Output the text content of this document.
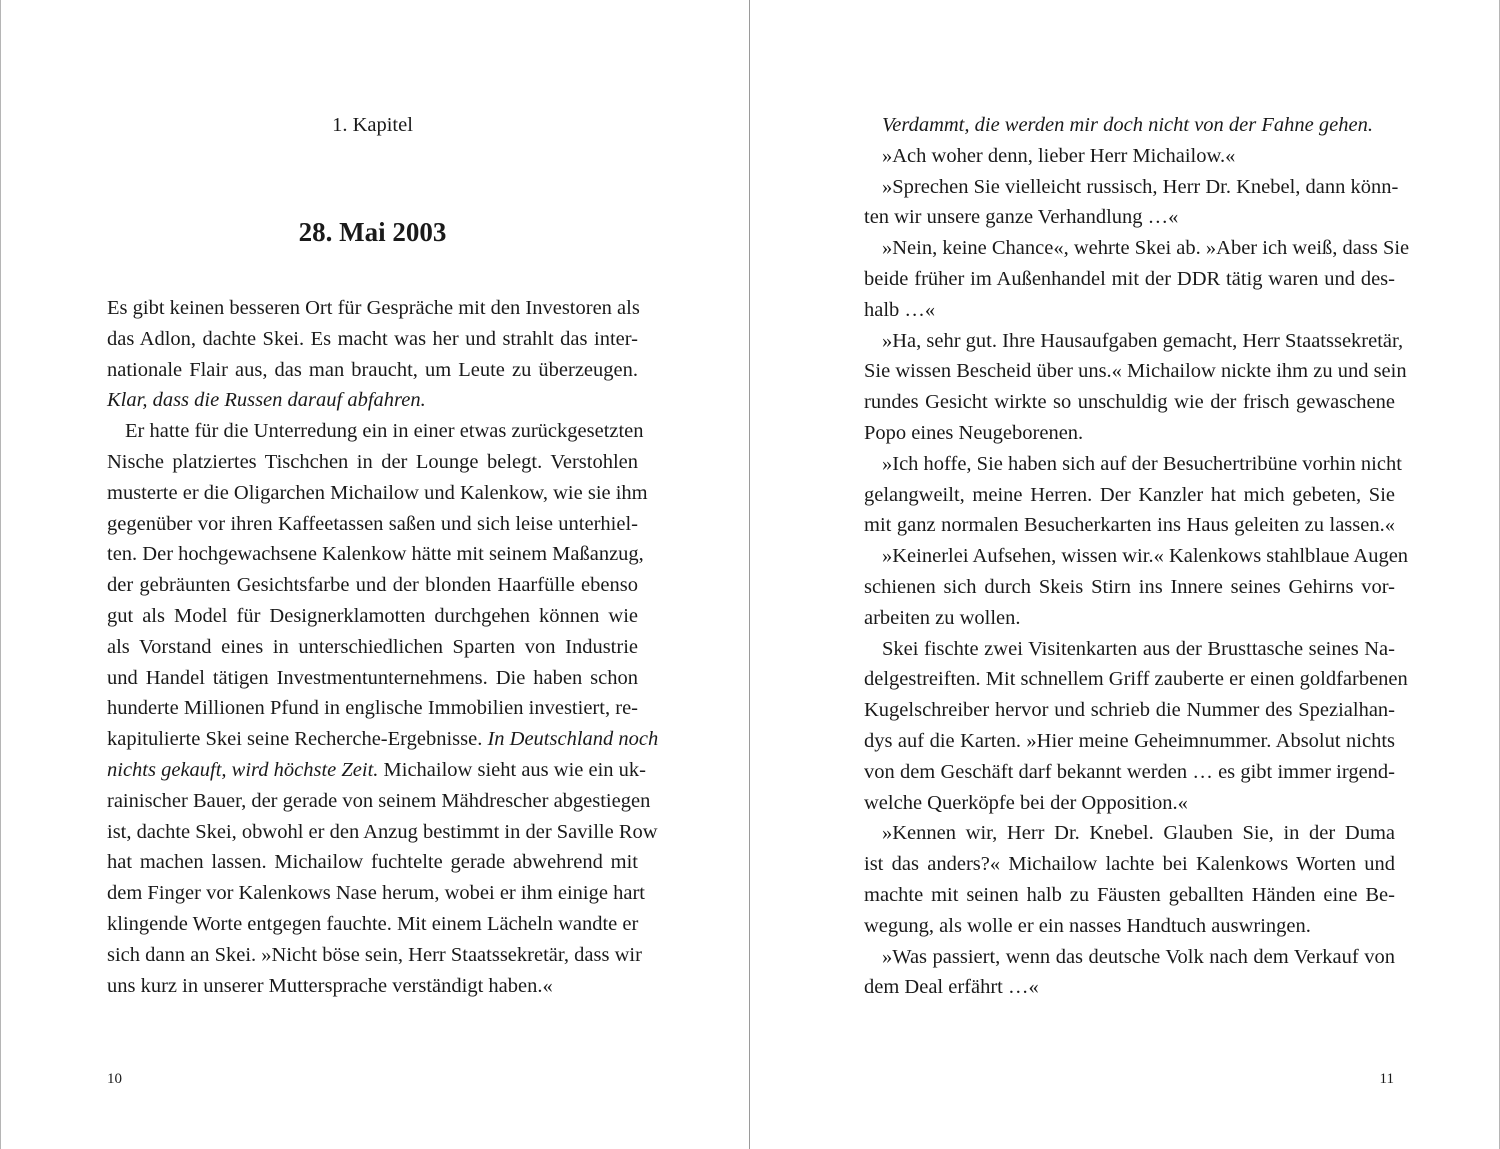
1. Kapitel
28. Mai 2003
Es gibt keinen besseren Ort für Gespräche mit den Investoren als
das Adlon, dachte Skei. Es macht was her und strahlt das inter-
nationale Flair aus, das man braucht, um Leute zu überzeugen.
Klar, dass die Russen darauf abfahren.
Er hatte für die Unterredung ein in einer etwas zurückgesetzten
Nische platziertes Tischchen in der Lounge belegt. Verstohlen
musterte er die Oligarchen Michailow und Kalenkow, wie sie ihm
gegenüber vor ihren Kaffeetassen saßen und sich leise unterhiel-
ten. Der hochgewachsene Kalenkow hätte mit seinem Maßanzug,
der gebräunten Gesichtsfarbe und der blonden Haarfülle ebenso
gut als Model für Designerklamotten durchgehen können wie
als Vorstand eines in unterschiedlichen Sparten von Industrie
und Handel tätigen Investmentunternehmens. Die haben schon
hunderte Millionen Pfund in englische Immobilien investiert, re-
kapitulierte Skei seine Recherche-Ergebnisse. In Deutschland noch
nichts gekauft, wird höchste Zeit. Michailow sieht aus wie ein uk-
rainischer Bauer, der gerade von seinem Mähdrescher abgestiegen
ist, dachte Skei, obwohl er den Anzug bestimmt in der Saville Row
hat machen lassen. Michailow fuchtelte gerade abwehrend mit
dem Finger vor Kalenkows Nase herum, wobei er ihm einige hart
klingende Worte entgegen fauchte. Mit einem Lächeln wandte er
sich dann an Skei. »Nicht böse sein, Herr Staatssekretär, dass wir
uns kurz in unserer Muttersprache verständigt haben.«
10
Verdammt, die werden mir doch nicht von der Fahne gehen.
»Ach woher denn, lieber Herr Michailow.«
»Sprechen Sie vielleicht russisch, Herr Dr. Knebel, dann könn-
ten wir unsere ganze Verhandlung …«
»Nein, keine Chance«, wehrte Skei ab. »Aber ich weiß, dass Sie
beide früher im Außenhandel mit der DDR tätig waren und des-
halb …«
»Ha, sehr gut. Ihre Hausaufgaben gemacht, Herr Staatssekretär,
Sie wissen Bescheid über uns.« Michailow nickte ihm zu und sein
rundes Gesicht wirkte so unschuldig wie der frisch gewaschene
Popo eines Neugeborenen.
»Ich hoffe, Sie haben sich auf der Besuchertribüne vorhin nicht
gelangweilt, meine Herren. Der Kanzler hat mich gebeten, Sie
mit ganz normalen Besucherkarten ins Haus geleiten zu lassen.«
»Keinerlei Aufsehen, wissen wir.« Kalenkows stahlblaue Augen
schienen sich durch Skeis Stirn ins Innere seines Gehirns vor-
arbeiten zu wollen.
Skei fischte zwei Visitenkarten aus der Brusttasche seines Na-
delgestreiften. Mit schnellem Griff zauberte er einen goldfarbenen
Kugelschreiber hervor und schrieb die Nummer des Spezialhan-
dys auf die Karten. »Hier meine Geheimnummer. Absolut nichts
von dem Geschäft darf bekannt werden … es gibt immer irgend-
welche Querköpfe bei der Opposition.«
»Kennen wir, Herr Dr. Knebel. Glauben Sie, in der Duma
ist das anders?« Michailow lachte bei Kalenkows Worten und
machte mit seinen halb zu Fäusten geballten Händen eine Be-
wegung, als wolle er ein nasses Handtuch auswringen.
»Was passiert, wenn das deutsche Volk nach dem Verkauf von
dem Deal erfährt …«
11
